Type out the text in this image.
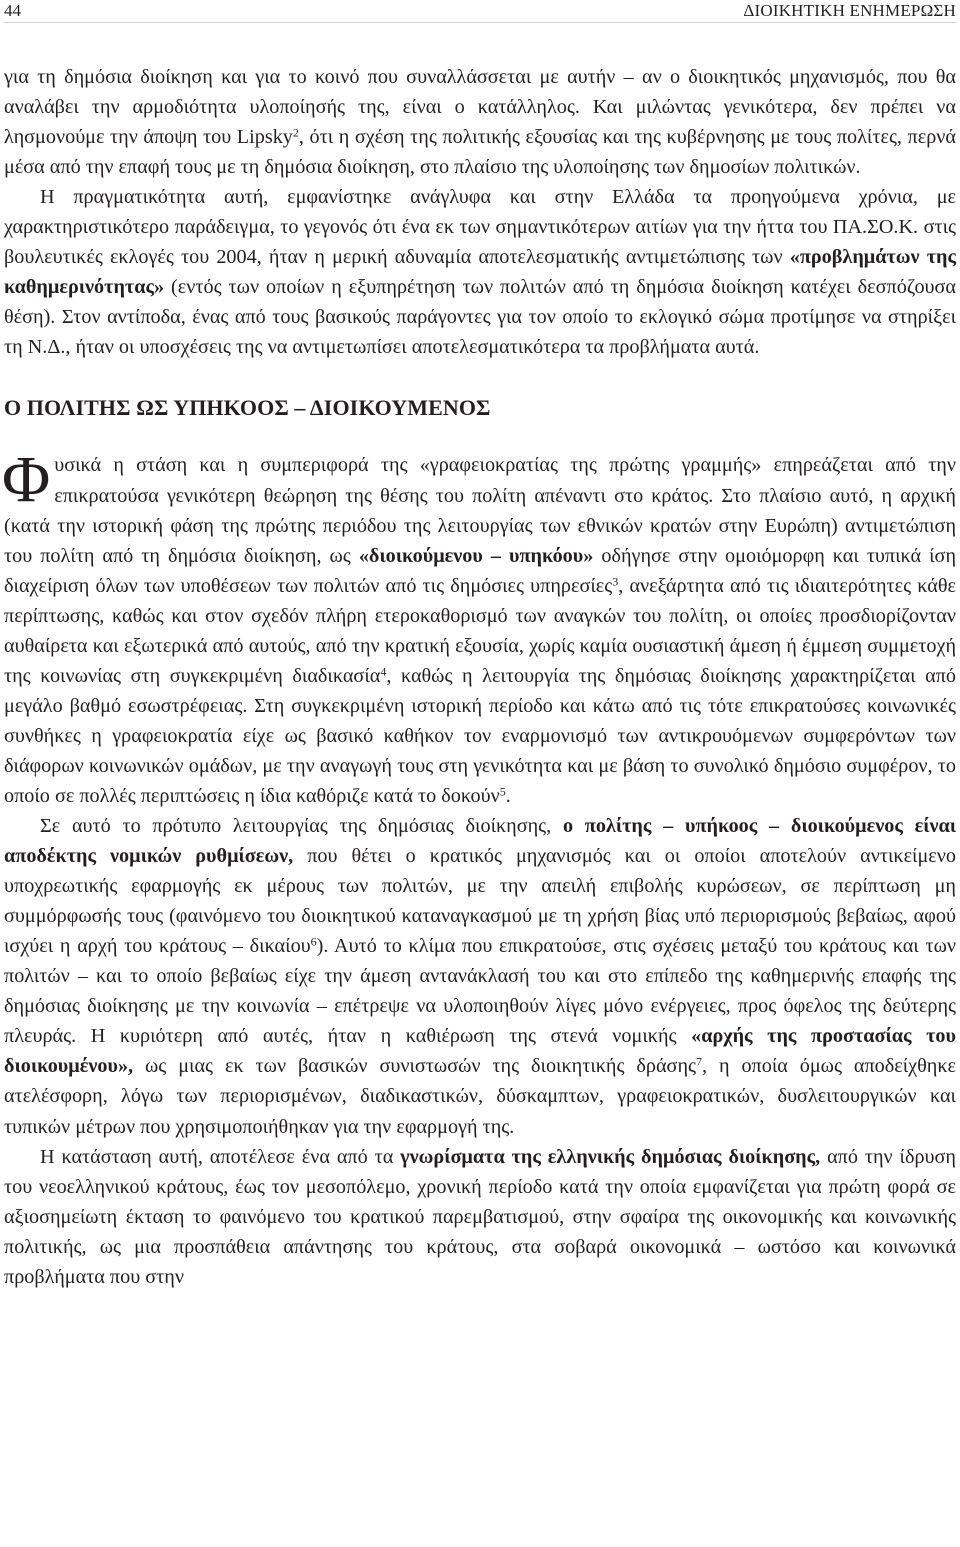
44	ΔΙΟΙΚΗΤΙΚΗ ΕΝΗΜΕΡΩΣΗ

για τη δημόσια διοίκηση και για το κοινό που συναλλάσσεται με αυτήν – αν ο διοικητικός μηχανισμός, που θα αναλάβει την αρμοδιότητα υλοποίησής της, είναι ο κατάλληλος. Και μιλώντας γενικότερα, δεν πρέπει να λησμονούμε την άποψη του Lipsky$^2$, ότι η σχέση της πολιτικής εξουσίας και της κυβέρνησης με τους πολίτες, περνά μέσα από την επαφή τους με τη δημόσια διοίκηση, στο πλαίσιο της υλοποίησης των δημοσίων πολιτικών.

Η πραγματικότητα αυτή, εμφανίστηκε ανάγλυφα και στην Ελλάδα τα προηγούμενα χρόνια, με χαρακτηριστικότερο παράδειγμα, το γεγονός ότι ένα εκ των σημαντικότερων αιτίων για την ήττα του ΠΑ.ΣΟ.Κ. στις βουλευτικές εκλογές του 2004, ήταν η μερική αδυναμία αποτελεσματικής αντιμετώπισης των «προβλημάτων της καθημερινότητας» (εντός των οποίων η εξυπηρέτηση των πολιτών από τη δημόσια διοίκηση κατέχει δεσπόζουσα θέση). Στον αντίποδα, ένας από τους βασικούς παράγοντες για τον οποίο το εκλογικό σώμα προτίμησε να στηρίξει τη Ν.Δ., ήταν οι υποσχέσεις της να αντιμετωπίσει αποτελεσματικότερα τα προβλήματα αυτά.

Ο ΠΟΛΙΤΗΣ ΩΣ ΥΠΗΚΟΟΣ – ΔΙΟΙΚΟΥΜΕΝΟΣ

Φυσικά η στάση και η συμπεριφορά της «γραφειοκρατίας της πρώτης γραμμής» επηρεάζεται από την επικρατούσα γενικότερη θεώρηση της θέσης του πολίτη απέναντι στο κράτος. Στο πλαίσιο αυτό, η αρχική (κατά την ιστορική φάση της πρώτης περιόδου της λειτουργίας των εθνικών κρατών στην Ευρώπη) αντιμετώπιση του πολίτη από τη δημόσια διοίκηση, ως «διοικούμενου – υπηκόου» οδήγησε στην ομοιόμορφη και τυπικά ίση διαχείριση όλων των υποθέσεων των πολιτών από τις δημόσιες υπηρεσίες$^3$, ανεξάρτητα από τις ιδιαιτερότητες κάθε περίπτωσης, καθώς και στον σχεδόν πλήρη ετεροκαθορισμό των αναγκών του πολίτη, οι οποίες προσδιορίζονταν αυθαίρετα και εξωτερικά από αυτούς, από την κρατική εξουσία, χωρίς καμία ουσιαστική άμεση ή έμμεση συμμετοχή της κοινωνίας στη συγκεκριμένη διαδικασία$^4$, καθώς η λειτουργία της δημόσιας διοίκησης χαρακτηρίζεται από μεγάλο βαθμό εσωστρέφειας. Στη συγκεκριμένη ιστορική περίοδο και κάτω από τις τότε επικρατούσες κοινωνικές συνθήκες η γραφειοκρατία είχε ως βασικό καθήκον τον εναρμονισμό των αντικρουόμενων συμφερόντων των διάφορων κοινωνικών ομάδων, με την αναγωγή τους στη γενικότητα και με βάση το συνολικό δημόσιο συμφέρον, το οποίο σε πολλές περιπτώσεις η ίδια καθόριζε κατά το δοκούν$^5$.

Σε αυτό το πρότυπο λειτουργίας της δημόσιας διοίκησης, ο πολίτης – υπήκοος – διοικούμενος είναι αποδέκτης νομικών ρυθμίσεων, που θέτει ο κρατικός μηχανισμός και οι οποίοι αποτελούν αντικείμενο υποχρεωτικής εφαρμογής εκ μέρους των πολιτών, με την απειλή επιβολής κυρώσεων, σε περίπτωση μη συμμόρφωσής τους (φαινόμενο του διοικητικού καταναγκασμού με τη χρήση βίας υπό περιορισμούς βεβαίως, αφού ισχύει η αρχή του κράτους – δικαίου$^6$). Αυτό το κλίμα που επικρατούσε, στις σχέσεις μεταξύ του κράτους και των πολιτών – και το οποίο βεβαίως είχε την άμεση αντανάκλασή του και στο επίπεδο της καθημερινής επαφής της δημόσιας διοίκησης με την κοινωνία – επέτρεψε να υλοποιηθούν λίγες μόνο ενέργειες, προς όφελος της δεύτερης πλευράς. Η κυριότερη από αυτές, ήταν η καθιέρωση της στενά νομικής «αρχής της προστασίας του διοικουμένου», ως μιας εκ των βασικών συνιστωσών της διοικητικής δράσης$^7$, η οποία όμως αποδείχθηκε ατελέσφορη, λόγω των περιορισμένων, διαδικαστικών, δύσκαμπτων, γραφειοκρατικών, δυσλειτουργικών και τυπικών μέτρων που χρησιμοποιήθηκαν για την εφαρμογή της.

Η κατάσταση αυτή, αποτέλεσε ένα από τα γνωρίσματα της ελληνικής δημόσιας διοίκησης, από την ίδρυση του νεοελληνικού κράτους, έως τον μεσοπόλεμο, χρονική περίοδο κατά την οποία εμφανίζεται για πρώτη φορά σε αξιοσημείωτη έκταση το φαινόμενο του κρατικού παρεμβατισμού, στην σφαίρα της οικονομικής και κοινωνικής πολιτικής, ως μια προσπάθεια απάντησης του κράτους, στα σοβαρά οικονομικά – ωστόσο και κοινωνικά προβλήματα που στην
